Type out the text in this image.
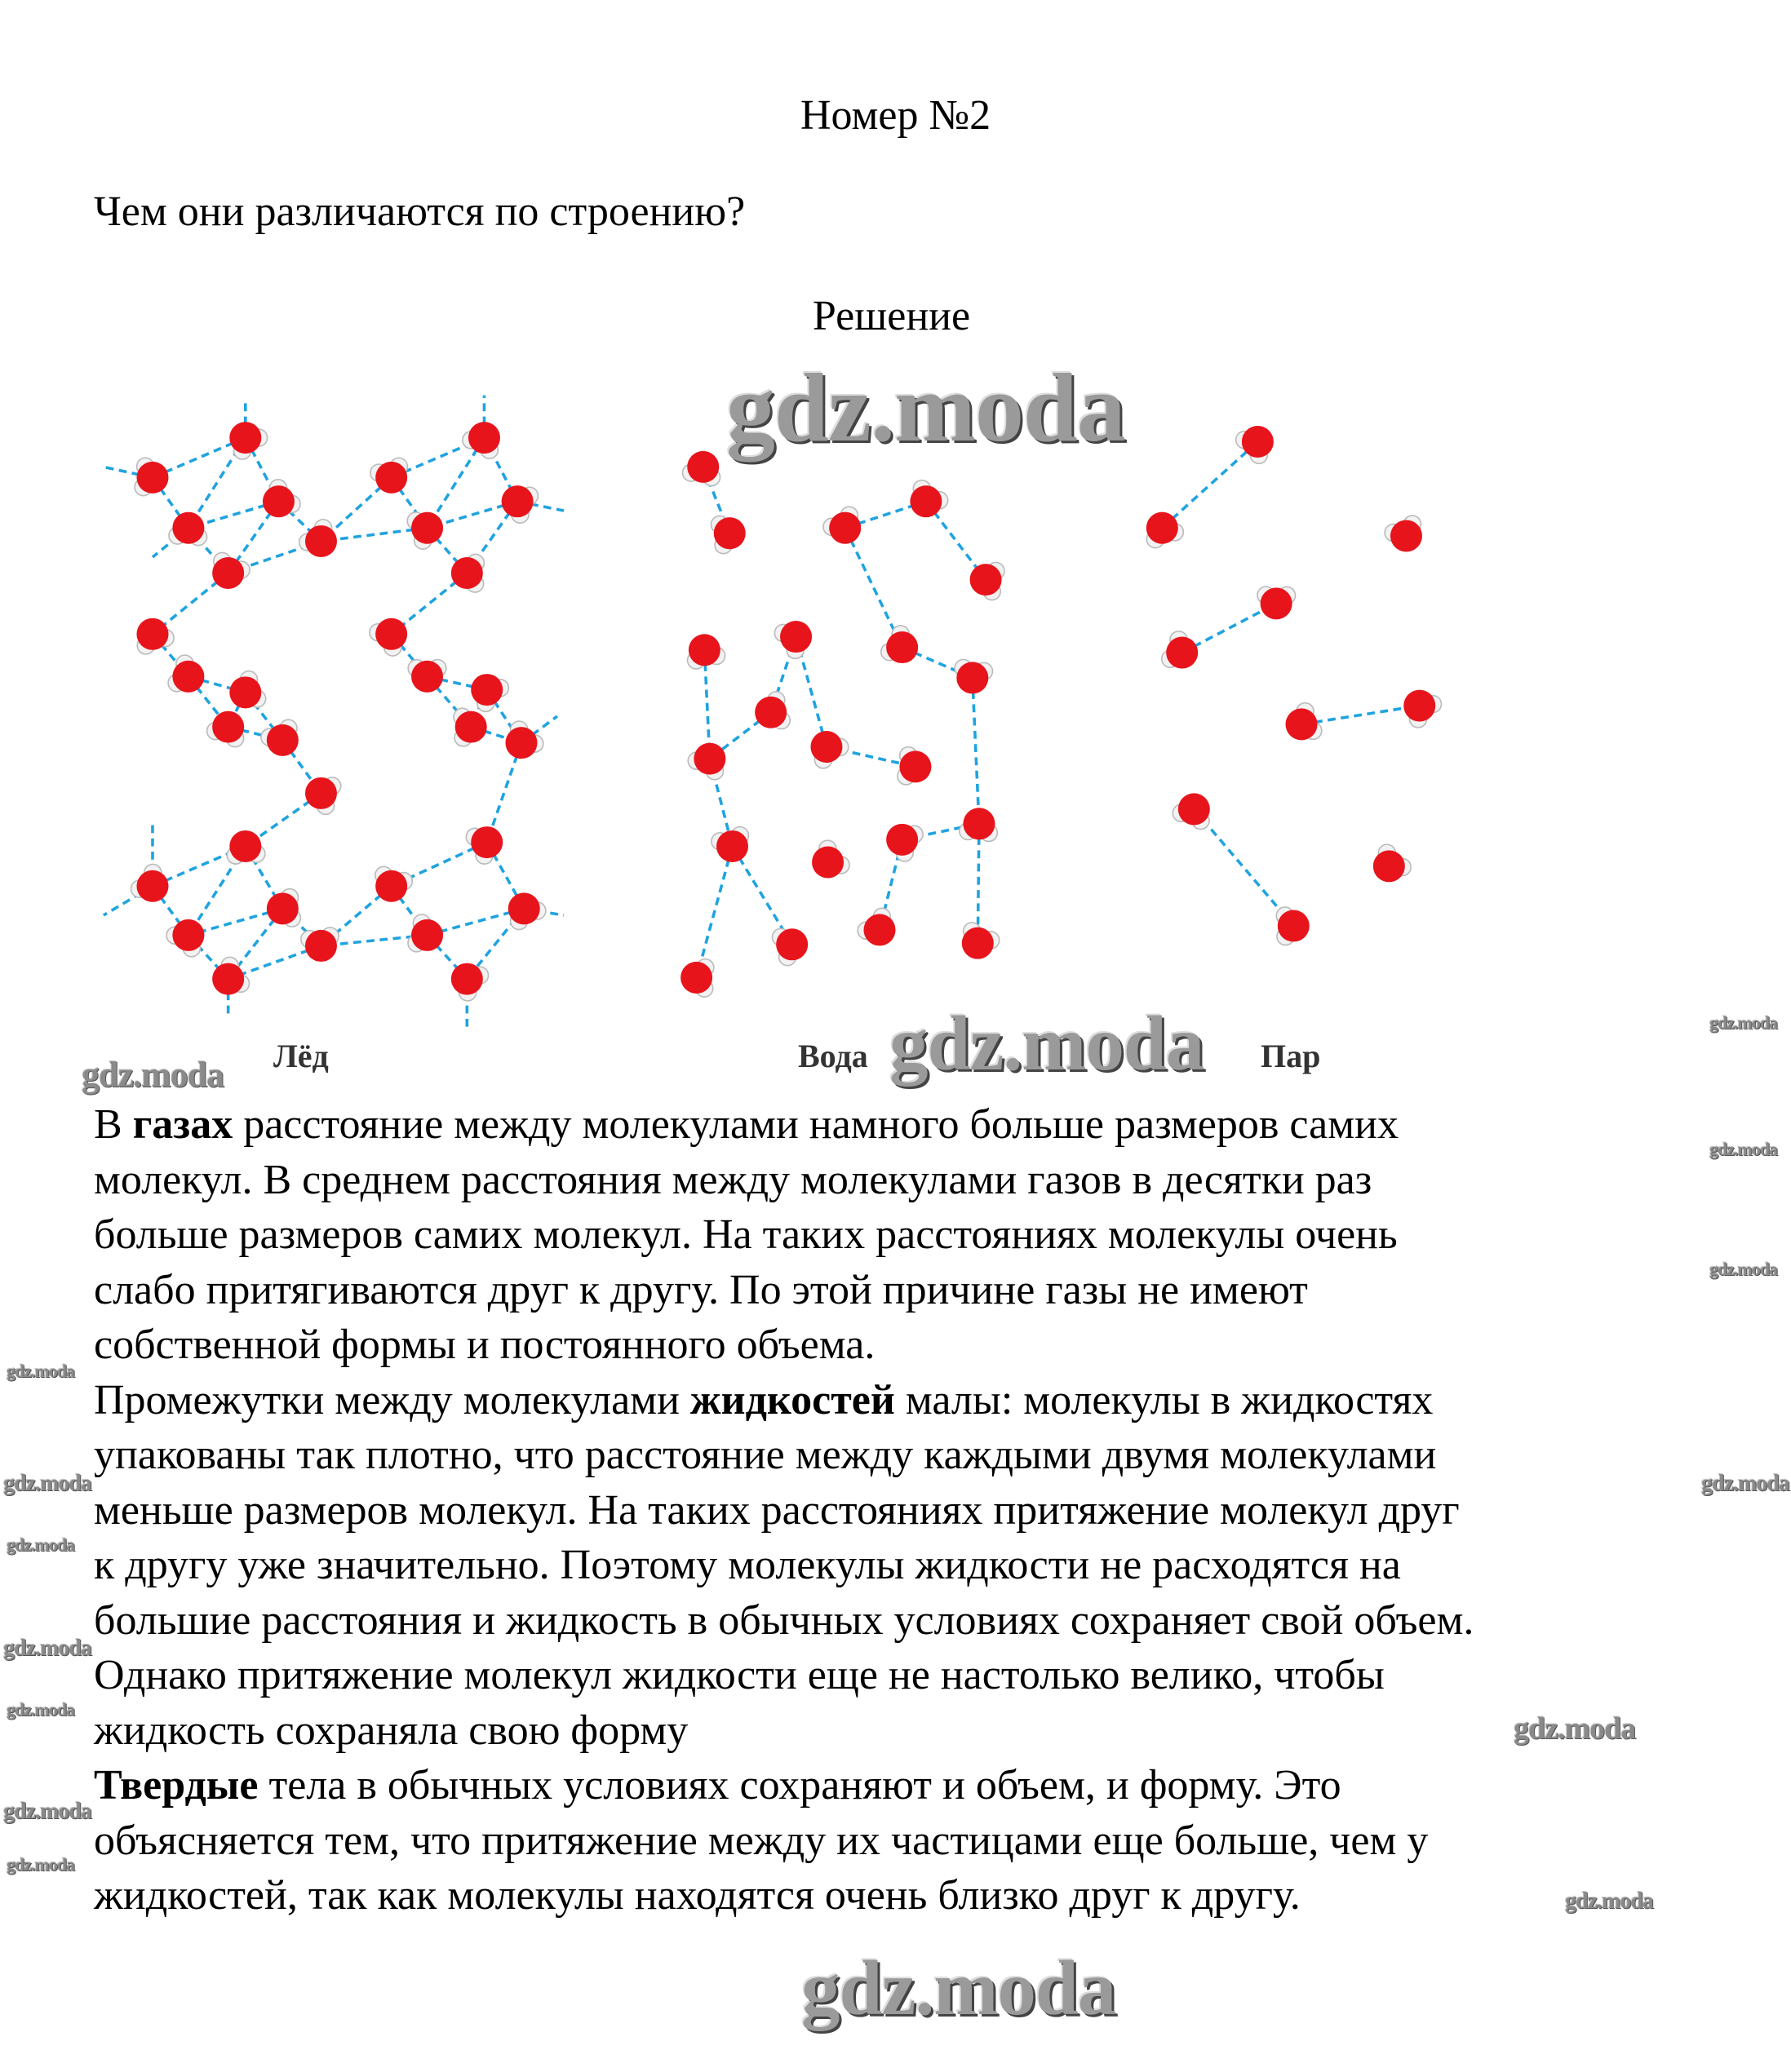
Номер №2
Чем они различаются по строению?
Решение
Лёд	Вода	Пар
В газах расстояние между молекулами намного больше размеров самих
молекул. В среднем расстояния между молекулами газов в десятки раз
больше размеров самих молекул. На таких расстояниях молекулы очень
слабо притягиваются друг к другу. По этой причине газы не имеют
собственной формы и постоянного объема.
Промежутки между молекулами жидкостей малы: молекулы в жидкостях
упакованы так плотно, что расстояние между каждыми двумя молекулами
меньше размеров молекул. На таких расстояниях притяжение молекул друг
к другу уже значительно. Поэтому молекулы жидкости не расходятся на
большие расстояния и жидкость в обычных условиях сохраняет свой объем.
Однако притяжение молекул жидкости еще не настолько велико, чтобы
жидкость сохраняла свою форму
Твердые тела в обычных условиях сохраняют и объем, и форму. Это
объясняется тем, что притяжение между их частицами еще больше, чем у
жидкостей, так как молекулы находятся очень близко друг к другу.
gdz.moda
gdz.moda
gdz.moda
gdz.moda
gdz.moda
gdz.moda
gdz.moda
gdz.moda
gdz.moda
gdz.moda	gdz.moda
gdz.moda
gdz.moda
gdz.moda
gdz.moda
gdz.moda
gdz.moda
